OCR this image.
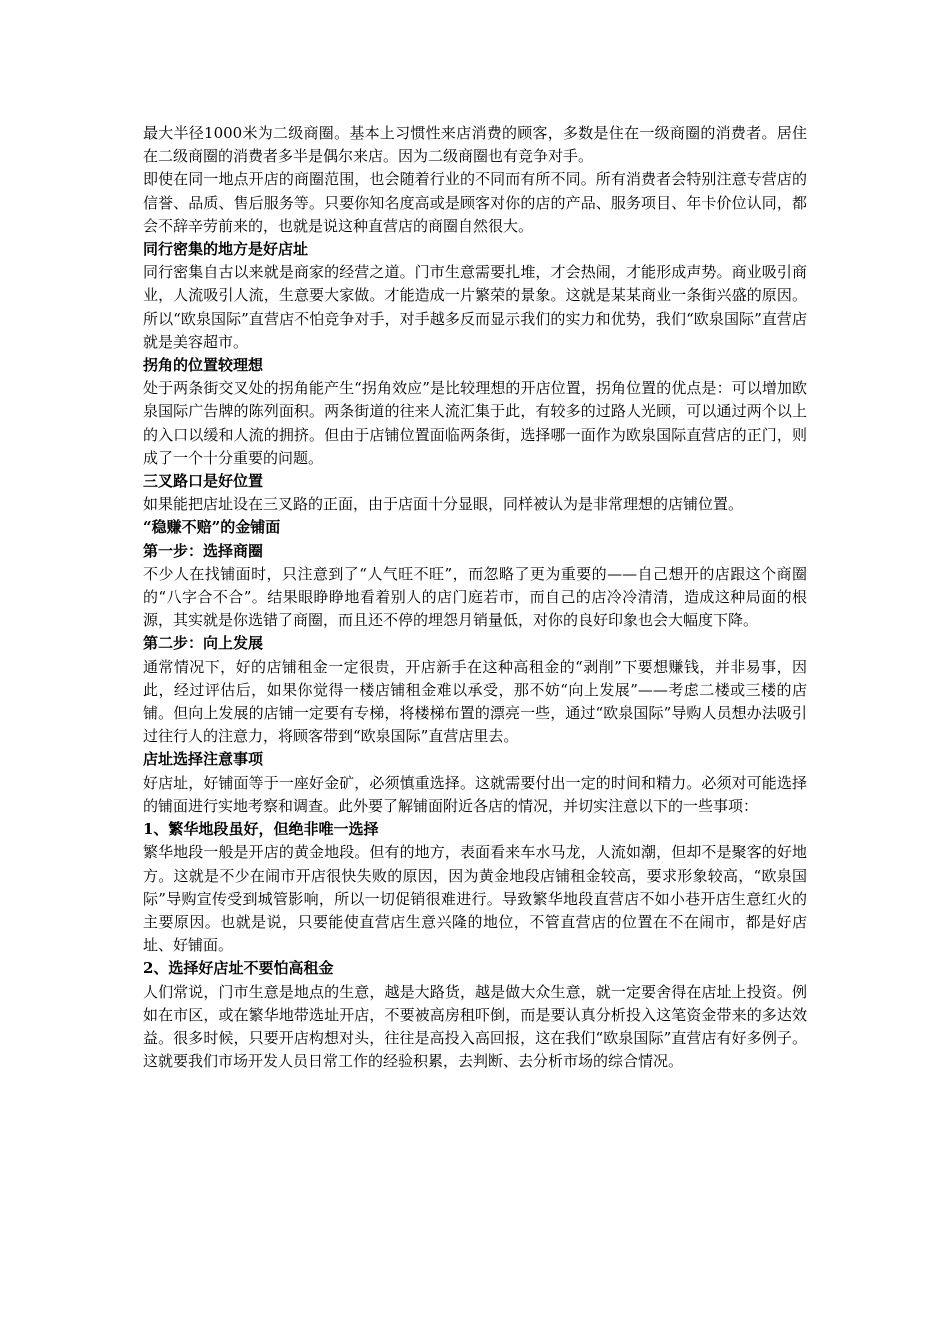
最大半径1000米为二级商圈。基本上习惯性来店消费的顾客，多数是住在一级商圈的消费者。居住在二级商圈的消费者多半是偶尔来店。因为二级商圈也有竞争对手。

即使在同一地点开店的商圈范围，也会随着行业的不同而有所不同。所有消费者会特别注意专营店的信誉、品质、售后服务等。只要你知名度高或是顾客对你的店的产品、服务项目、年卡价位认同，都会不辞辛劳前来的，也就是说这种直营店的商圈自然很大。

同行密集的地方是好店址

同行密集自古以来就是商家的经营之道。门市生意需要扎堆，才会热闹，才能形成声势。商业吸引商业，人流吸引人流，生意要大家做。才能造成一片繁荣的景象。这就是某某商业一条街兴盛的原因。所以“欧泉国际”直营店不怕竞争对手，对手越多反而显示我们的实力和优势，我们“欧泉国际”直营店就是美容超市。

拐角的位置较理想

处于两条街交叉处的拐角能产生“拐角效应”是比较理想的开店位置，拐角位置的优点是：可以增加欧泉国际广告牌的陈列面积。两条街道的往来人流汇集于此，有较多的过路人光顾，可以通过两个以上的入口以缓和人流的拥挤。但由于店铺位置面临两条街，选择哪一面作为欧泉国际直营店的正门，则成了一个十分重要的问题。

三叉路口是好位置

如果能把店址设在三叉路的正面，由于店面十分显眼，同样被认为是非常理想的店铺位置。

“稳赚不赔”的金铺面

第一步：选择商圈

不少人在找铺面时，只注意到了“人气旺不旺”，而忽略了更为重要的——自己想开的店跟这个商圈的“八字合不合”。结果眼睁睁地看着别人的店门庭若市，而自己的店冷冷清清，造成这种局面的根源，其实就是你选错了商圈，而且还不停的埋怨月销量低，对你的良好印象也会大幅度下降。

第二步：向上发展

通常情况下，好的店铺租金一定很贵，开店新手在这种高租金的“剥削”下要想赚钱，并非易事，因此，经过评估后，如果你觉得一楼店铺租金难以承受，那不妨“向上发展”——考虑二楼或三楼的店铺。但向上发展的店铺一定要有专梯，将楼梯布置的漂亮一些，通过“欧泉国际”导购人员想办法吸引过往行人的注意力，将顾客带到“欧泉国际”直营店里去。

店址选择注意事项

好店址，好铺面等于一座好金矿，必须慎重选择。这就需要付出一定的时间和精力。必须对可能选择的铺面进行实地考察和调查。此外要了解铺面附近各店的情况，并切实注意以下的一些事项：

1、繁华地段虽好，但绝非唯一选择

繁华地段一般是开店的黄金地段。但有的地方，表面看来车水马龙，人流如潮，但却不是聚客的好地方。这就是不少在闹市开店很快失败的原因，因为黄金地段店铺租金较高，要求形象较高，“欧泉国际”导购宣传受到城管影响，所以一切促销很难进行。导致繁华地段直营店不如小巷开店生意红火的主要原因。也就是说，只要能使直营店生意兴隆的地位，不管直营店的位置在不在闹市，都是好店址、好铺面。

2、选择好店址不要怕高租金

人们常说，门市生意是地点的生意，越是大路货，越是做大众生意，就一定要舍得在店址上投资。例如在市区，或在繁华地带选址开店，不要被高房租吓倒，而是要认真分析投入这笔资金带来的多达效益。很多时候，只要开店构想对头，往往是高投入高回报，这在我们“欧泉国际”直营店有好多例子。这就要我们市场开发人员日常工作的经验积累，去判断、去分析市场的综合情况。
